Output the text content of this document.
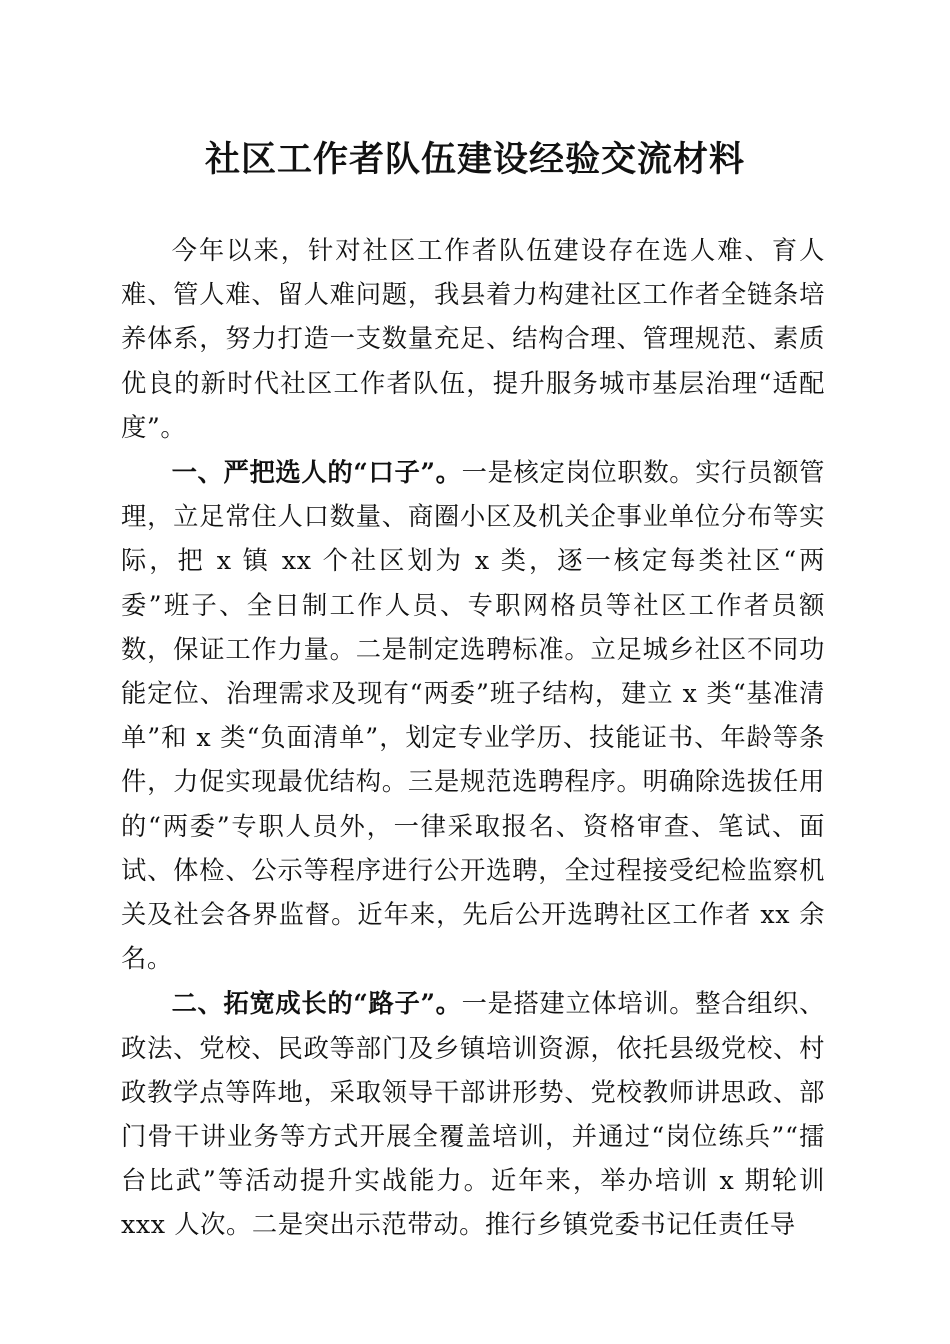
社区工作者队伍建设经验交流材料

今年以来，针对社区工作者队伍建设存在选人难、育人难、管人难、留人难问题，我县着力构建社区工作者全链条培养体系，努力打造一支数量充足、结构合理、管理规范、素质优良的新时代社区工作者队伍，提升服务城市基层治理“适配度”。

一、严把选人的“口子”。一是核定岗位职数。实行员额管理，立足常住人口数量、商圈小区及机关企事业单位分布等实际，把 x 镇 xx 个社区划为 x 类，逐一核定每类社区“两委”班子、全日制工作人员、专职网格员等社区工作者员额数，保证工作力量。二是制定选聘标准。立足城乡社区不同功能定位、治理需求及现有“两委”班子结构，建立 x 类“基准清单”和 x 类“负面清单”，划定专业学历、技能证书、年龄等条件，力促实现最优结构。三是规范选聘程序。明确除选拔任用的“两委”专职人员外，一律采取报名、资格审查、笔试、面试、体检、公示等程序进行公开选聘，全过程接受纪检监察机关及社会各界监督。近年来，先后公开选聘社区工作者 xx 余名。

二、拓宽成长的“路子”。一是搭建立体培训。整合组织、政法、党校、民政等部门及乡镇培训资源，依托县级党校、村政教学点等阵地，采取领导干部讲形势、党校教师讲思政、部门骨干讲业务等方式开展全覆盖培训，并通过“岗位练兵”“擂台比武”等活动提升实战能力。近年来，举办培训 x 期轮训 xxx 人次。二是突出示范带动。推行乡镇党委书记任责任导
